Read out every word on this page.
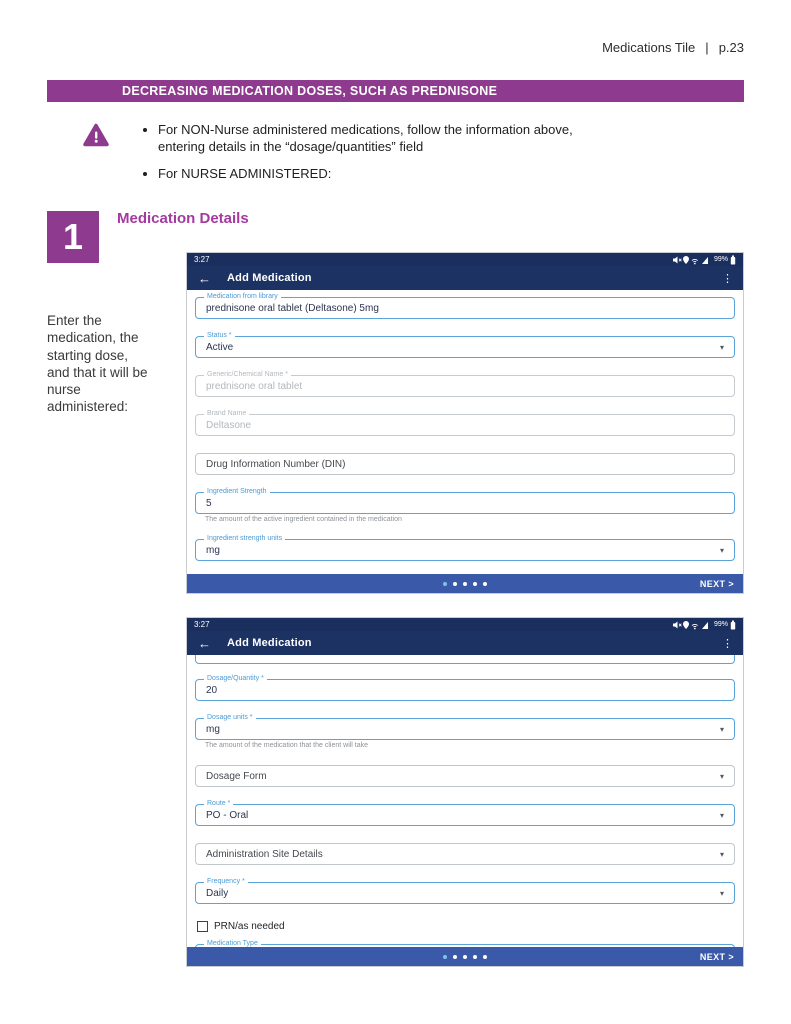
Medications Tile | p.23
DECREASING MEDICATION DOSES, SUCH AS PREDNISONE
• For NON-Nurse administered medications, follow the information above, entering details in the “dosage/quantities” field
• For NURSE ADMINISTERED:
1	Medication Details
Enter the medication, the starting dose, and that it will be nurse administered:
3:27	99%
← Add Medication	⋮
Medication from library
prednisone oral tablet (Deltasone) 5mg
Status *
Active	▾
Generic/Chemical Name *
prednisone oral tablet
Brand Name
Deltasone
Drug Information Number (DIN)
Ingredient Strength
5
The amount of the active ingredient contained in the medication
Ingredient strength units
mg	▾
NEXT >
3:27	99%
← Add Medication	⋮
Dosage/Quantity *
20
Dosage units *
mg	▾
The amount of the medication that the client will take
Dosage Form	▾
Route *
PO - Oral	▾
Administration Site Details	▾
Frequency *
Daily	▾
PRN/as needed
Medication Type
NEXT >
